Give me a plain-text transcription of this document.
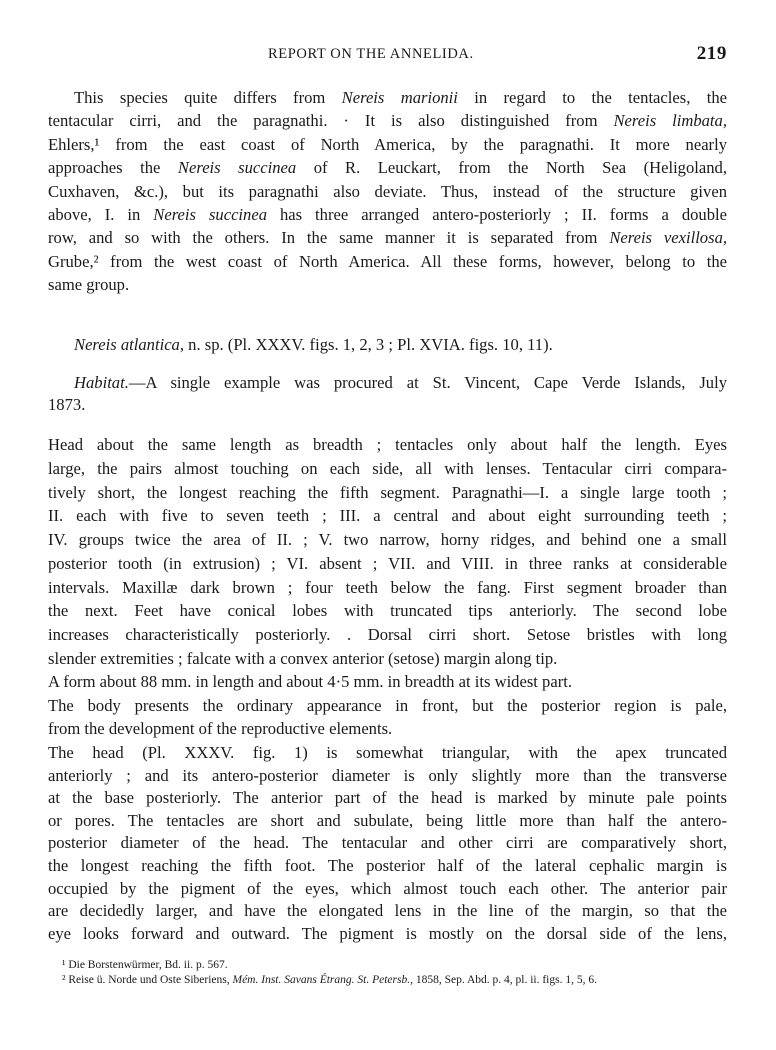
REPORT ON THE ANNELIDA.	219
This species quite differs from Nereis marionii in regard to the tentacles, the
tentacular cirri, and the paragnathi. · It is also distinguished from Nereis limbata,
Ehlers,¹ from the east coast of North America, by the paragnathi. It more nearly
approaches the Nereis succinea of R. Leuckart, from the North Sea (Heligoland,
Cuxhaven, &c.), but its paragnathi also deviate. Thus, instead of the structure given
above, I. in Nereis succinea has three arranged antero-posteriorly ; II. forms a double
row, and so with the others. In the same manner it is separated from Nereis vexillosa,
Grube,² from the west coast of North America. All these forms, however, belong to the
same group.
Nereis atlantica, n. sp. (Pl. XXXV. figs. 1, 2, 3 ; Pl. XVIA. figs. 10, 11).
Habitat.—A single example was procured at St. Vincent, Cape Verde Islands, July
1873.
Head about the same length as breadth ; tentacles only about half the length. Eyes
large, the pairs almost touching on each side, all with lenses. Tentacular cirri compara-
tively short, the longest reaching the fifth segment. Paragnathi—I. a single large tooth ;
II. each with five to seven teeth ; III. a central and about eight surrounding teeth ;
IV. groups twice the area of II. ; V. two narrow, horny ridges, and behind one a small
posterior tooth (in extrusion) ; VI. absent ; VII. and VIII. in three ranks at considerable
intervals. Maxillæ dark brown ; four teeth below the fang. First segment broader than
the next. Feet have conical lobes with truncated tips anteriorly. The second lobe
increases characteristically posteriorly. . Dorsal cirri short. Setose bristles with long
slender extremities ; falcate with a convex anterior (setose) margin along tip.
A form about 88 mm. in length and about 4·5 mm. in breadth at its widest part.
The body presents the ordinary appearance in front, but the posterior region is pale,
from the development of the reproductive elements.
The head (Pl. XXXV. fig. 1) is somewhat triangular, with the apex truncated
anteriorly ; and its antero-posterior diameter is only slightly more than the transverse
at the base posteriorly. The anterior part of the head is marked by minute pale points
or pores. The tentacles are short and subulate, being little more than half the antero-
posterior diameter of the head. The tentacular and other cirri are comparatively short,
the longest reaching the fifth foot. The posterior half of the lateral cephalic margin is
occupied by the pigment of the eyes, which almost touch each other. The anterior pair
are decidedly larger, and have the elongated lens in the line of the margin, so that the
eye looks forward and outward. The pigment is mostly on the dorsal side of the lens,
¹ Die Borstenwürmer, Bd. ii. p. 567.
² Reise ü. Norde und Oste Siberiens, Mém. Inst. Savans Étrang. St. Petersb., 1858, Sep. Abd. p. 4, pl. ii. figs. 1, 5, 6.
